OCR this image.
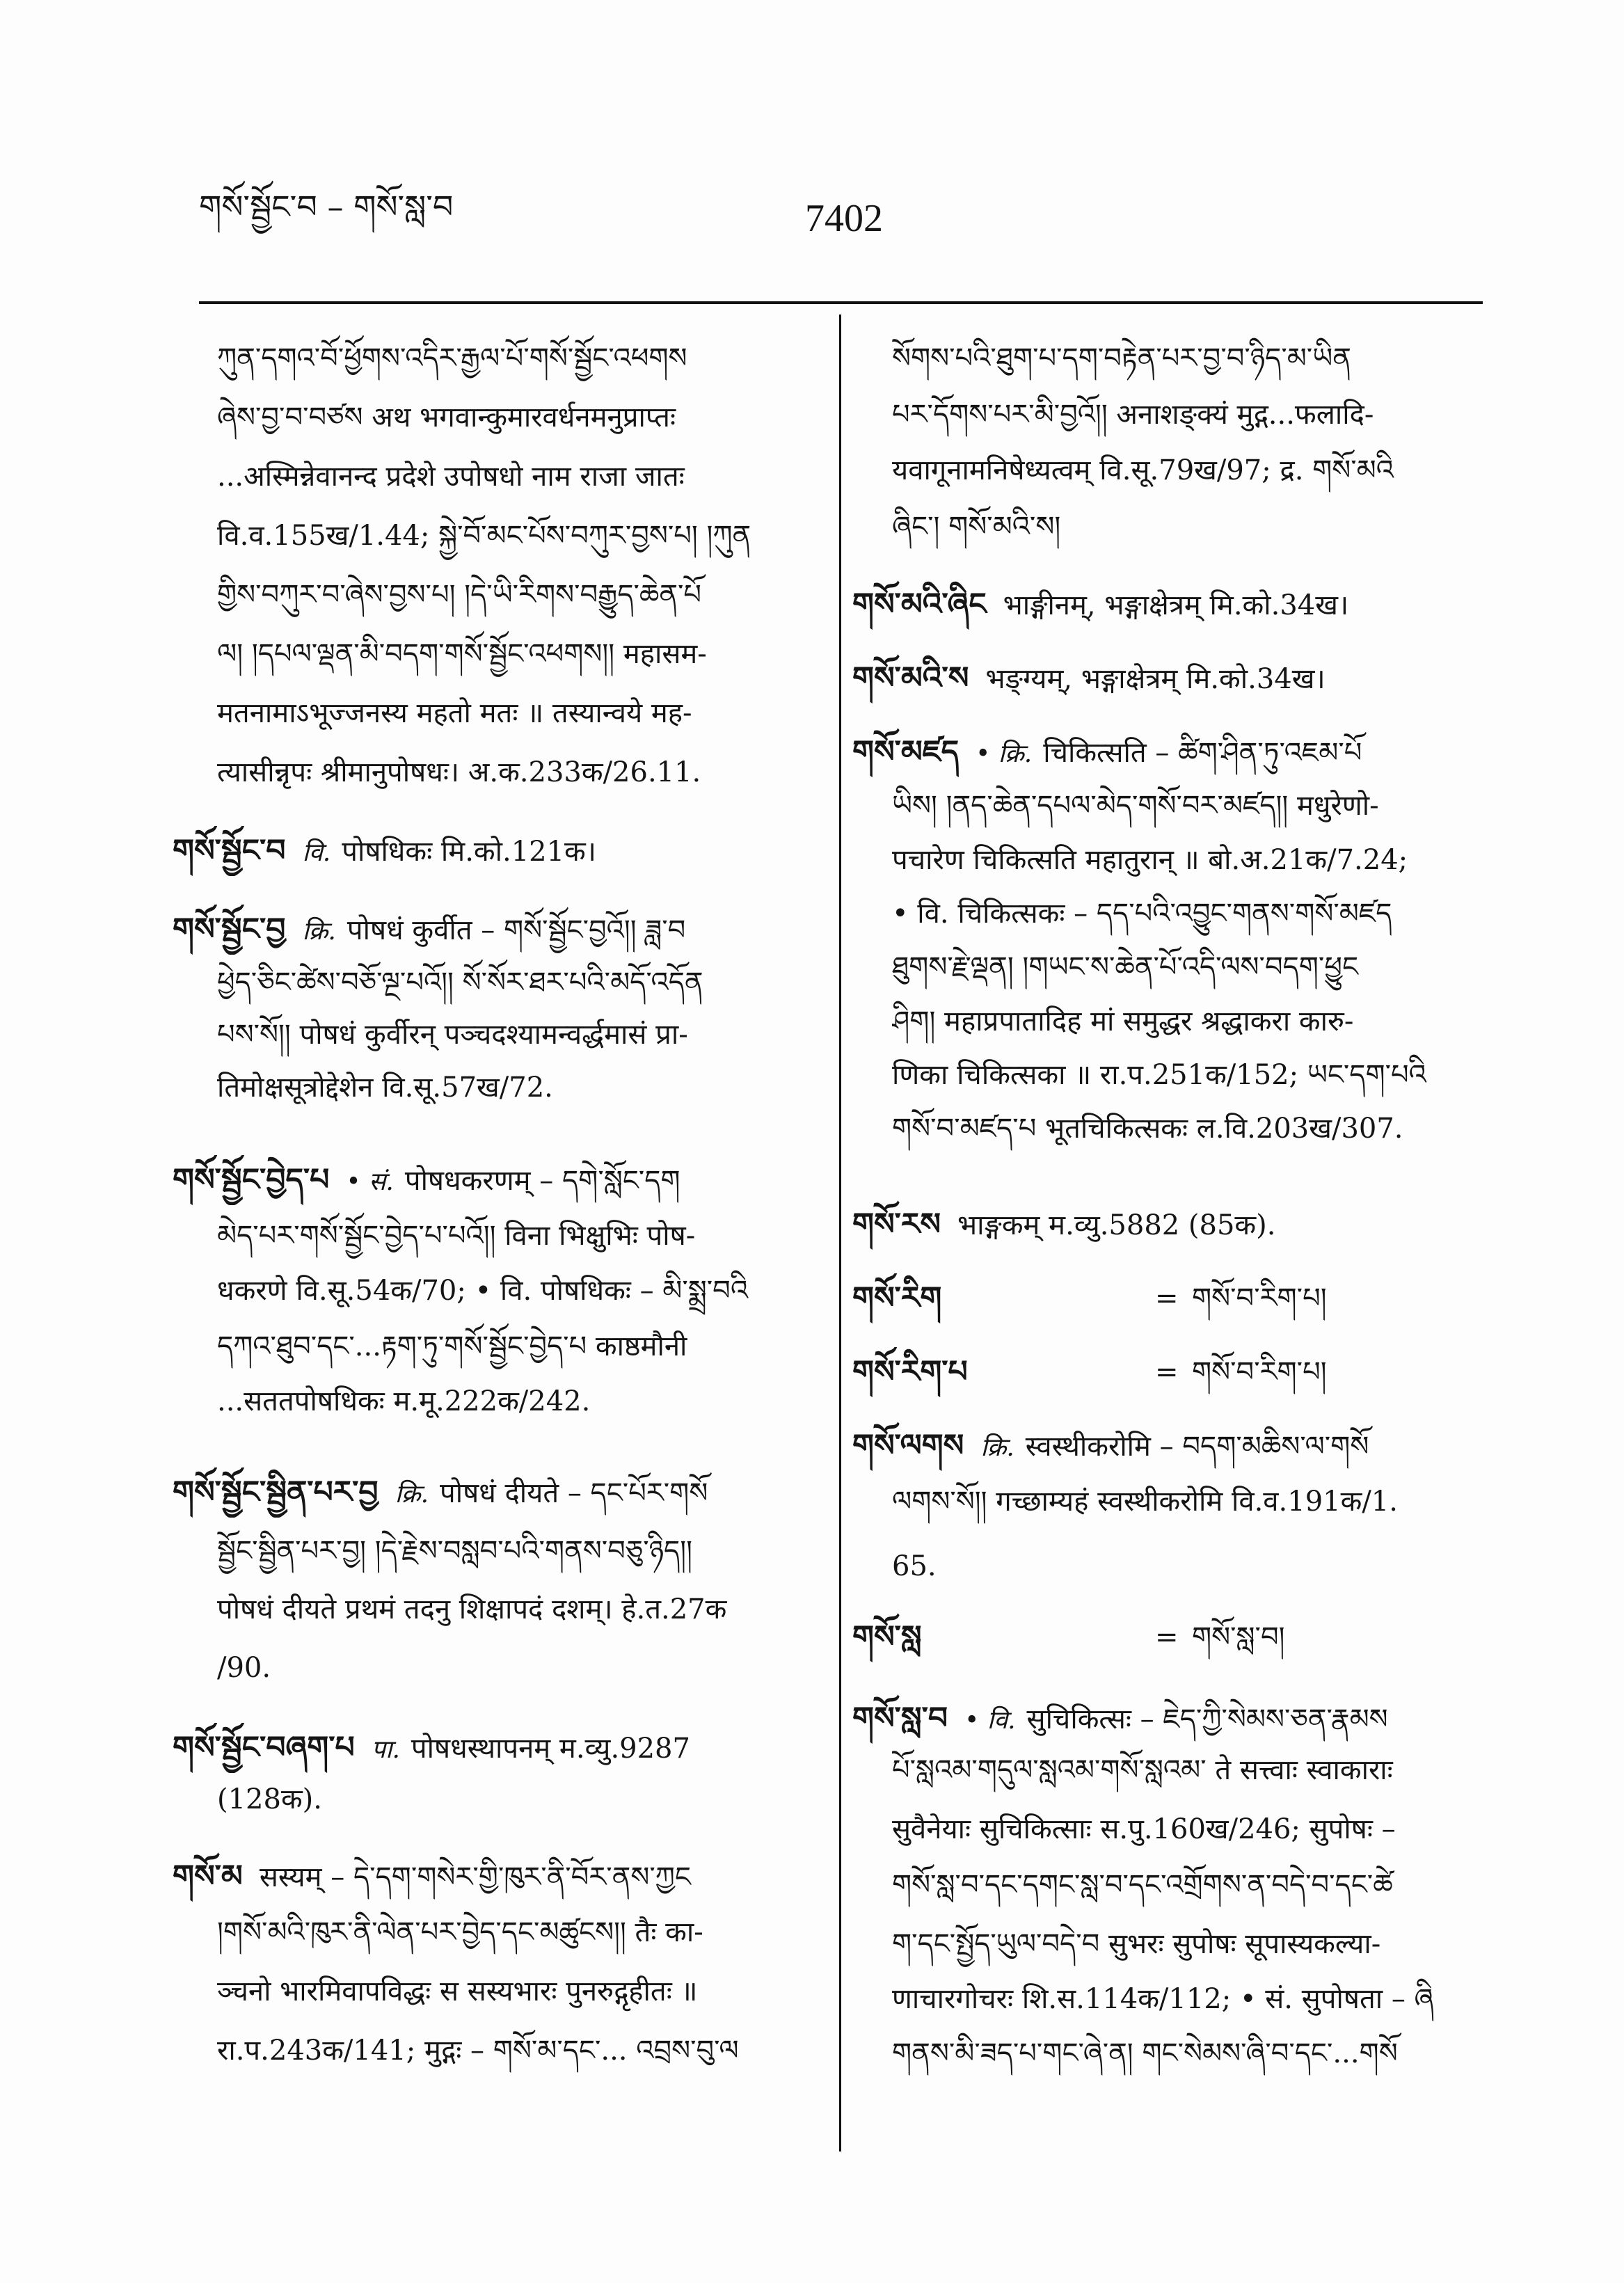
གསོ་སྦྱོང་བ – གསོ་སླ་བ	7402
ཀུན་དགའ་བོ་ཕྱོགས་འདིར་རྒྱལ་པོ་གསོ་སྦྱོང་འཕགས
ཞེས་བྱ་བ་བཙས अथ भगवान्कुमारवर्धनमनुप्राप्तः
...अस्मिन्नेवानन्द प्रदेशे उपोषधो नाम राजा जातः
वि.व.155ख/1.44; སྐྱེ་བོ་མང་པོས་བཀུར་བྱས་པ། །ཀུན
གྱིས་བཀུར་བ་ཞེས་བྱས་པ། །དེ་ཡི་རིགས་བརྒྱུད་ཆེན་པོ
ལ། །དཔལ་ལྡན་མི་བདག་གསོ་སྦྱོང་འཕགས།། महासम-
मतनामाऽभूज्जनस्य महतो मतः ॥ तस्यान्वये मह-
त्यासीन्नृपः श्रीमानुपोषधः। अ.क.233क/26.11.
གསོ་སྦྱོང་བ वि. पोषधिकः मि.को.121क।
གསོ་སྦྱོང་བྱ क्रि. पोषधं कुर्वीत – གསོ་སྦྱོང་བྱའོ།། ཟླ་བ
ཕྱེད་ཅིང་ཚེས་བཅོ་ལྔ་པའོ།། སོ་སོར་ཐར་པའི་མདོ་འདོན
པས་སོ།། पोषधं कुर्वीरन् पञ्चदश्यामन्वर्द्धमासं प्रा-
तिमोक्षसूत्रोद्देशेन वि.सू.57ख/72.
གསོ་སྦྱོང་བྱེད་པ • सं. पोषधकरणम् – དགེ་སློང་དག
མེད་པར་གསོ་སྦྱོང་བྱེད་པ་པའོ།། विना भिक्षुभिः पोष-
धकरणे वि.सू.54क/70; • वि. पोषधिकः – མི་སྨྲ་བའི
དཀའ་ཐུབ་དང་...རྟག་ཏུ་གསོ་སྦྱོང་བྱེད་པ काष्ठमौनी
...सततपोषधिकः म.मू.222क/242.
གསོ་སྦྱོང་སྦྱིན་པར་བྱ क्रि. पोषधं दीयते – དང་པོར་གསོ
སྦྱོང་སྦྱིན་པར་བྱ། །དེ་རྗེས་བསླབ་པའི་གནས་བཅུ་ཉིད།།
पोषधं दीयते प्रथमं तदनु शिक्षापदं दशम्। हे.त.27क
/90.
གསོ་སྦྱོང་བཞག་པ पा. पोषधस्थापनम् म.व्यु.9287
(128क).
གསོ་མ सस्यम् – དེ་དག་གསེར་གྱི་ཁུར་ནི་བོར་ནས་ཀྱང
།གསོ་མའི་ཁུར་ནི་ལེན་པར་བྱེད་དང་མཚུངས།། तैः का-
ञ्चनो भारमिवापविद्धः स सस्यभारः पुनरुद्गृहीतः ॥
रा.प.243क/141; मुद्गः – གསོ་མ་དང་... འབྲས་བུ་ལ
སོགས་པའི་ཐུག་པ་དག་བརྟེན་པར་བྱ་བ་ཉིད་མ་ཡིན
པར་དོགས་པར་མི་བྱའོ།། अनाशङ्क्यं मुद्ग...फलादि-
यवागूनामनिषेध्यत्वम् वि.सू.79ख/97; द्र. གསོ་མའི
ཞིང་། གསོ་མའི་ས།
གསོ་མའི་ཞིང भाङ्गीनम्, भङ्गाक्षेत्रम् मि.को.34ख।
གསོ་མའི་ས भङ्ग्यम्, भङ्गाक्षेत्रम् मि.को.34ख।
གསོ་མཛད • क्रि. चिकित्सति – ཚིག་ཤིན་ཏུ་འཇམ་པོ
ཡིས། །ནད་ཆེན་དཔལ་མེད་གསོ་བར་མཛད།། मधुरेणो-
पचारेण चिकित्सति महातुरान् ॥ बो.अ.21क/7.24;
• वि. चिकित्सकः – དད་པའི་འབྱུང་གནས་གསོ་མཛད
ཐུགས་རྗེ་ལྡན། །གཡང་ས་ཆེན་པོ་འདི་ལས་བདག་ཕྱུང
ཤིག། महाप्रपातादिह मां समुद्धर श्रद्धाकरा कारु-
णिका चिकित्सका ॥ रा.प.251क/152; ཡང་དག་པའི
གསོ་བ་མཛད་པ भूतचिकित्सकः ल.वि.203ख/307.
གསོ་རས भाङ्गकम् म.व्यु.5882 (85क).
གསོ་རིག	= གསོ་བ་རིག་པ།
གསོ་རིག་པ	= གསོ་བ་རིག་པ།
གསོ་ལགས क्रि. स्वस्थीकरोमि – བདག་མཆིས་ལ་གསོ
ལགས་སོ།། गच्छाम्यहं स्वस्थीकरोमि वि.व.191क/1.
65.
གསོ་སླ	= གསོ་སླ་བ།
གསོ་སླ་བ • वि. सुचिकित्सः – ཇེད་ཀྱི་སེམས་ཅན་རྣམས
པོ་སླའམ་གདུལ་སླའམ་གསོ་སླའམ་ ते सत्त्वाः स्वाकाराः
सुवैनेयाः सुचिकित्साः स.पु.160ख/246; सुपोषः –
གསོ་སླ་བ་དང་དགང་སླ་བ་དང་འགྲོགས་ན་བདེ་བ་དང་ཚེ
ག་དང་སྤྱོད་ཡུལ་བདེ་བ सुभरः सुपोषः सूपास्यकल्या-
णाचारगोचरः शि.स.114क/112; • सं. सुपोषता – ཞི
གནས་མི་ཟད་པ་གང་ཞེ་ན། གང་སེམས་ཞི་བ་དང་...གསོ
